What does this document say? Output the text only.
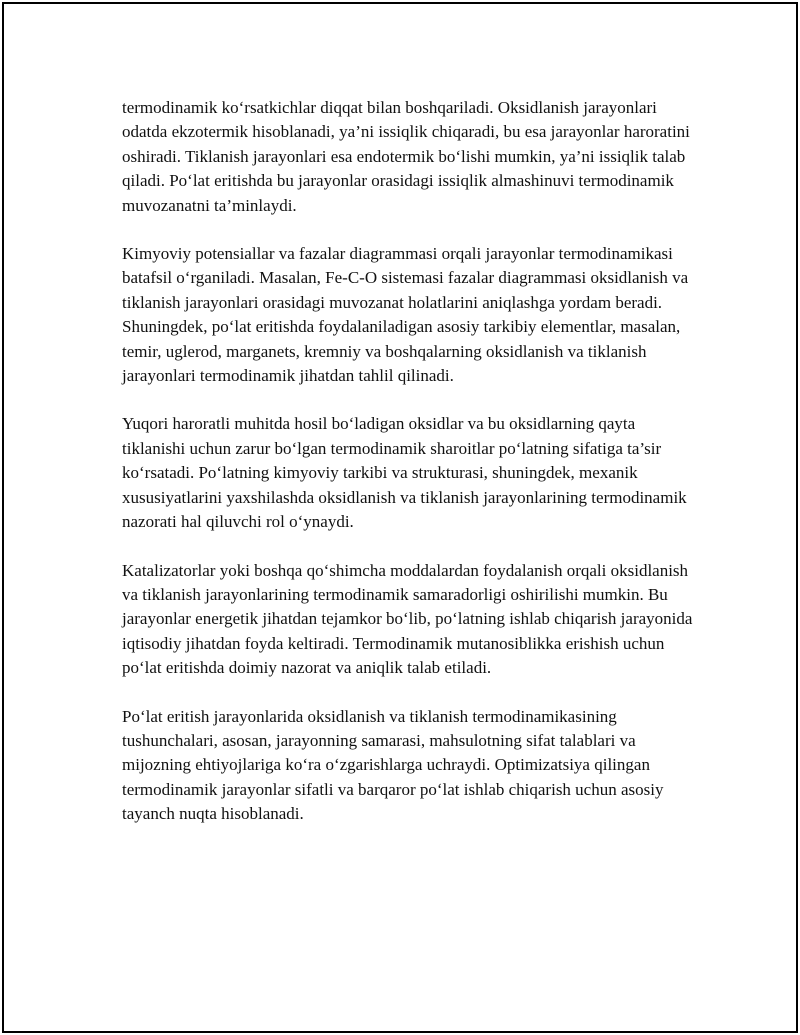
termodinamik ko‘rsatkichlar diqqat bilan boshqariladi. Oksidlanish jarayonlari odatda ekzotermik hisoblanadi, ya’ni issiqlik chiqaradi, bu esa jarayonlar haroratini oshiradi. Tiklanish jarayonlari esa endotermik bo‘lishi mumkin, ya’ni issiqlik talab qiladi. Po‘lat eritishda bu jarayonlar orasidagi issiqlik almashinuvi termodinamik muvozanatni ta’minlaydi.

Kimyoviy potensiallar va fazalar diagrammasi orqali jarayonlar termodinamikasi batafsil o‘rganiladi. Masalan, Fe-C-O sistemasi fazalar diagrammasi oksidlanish va tiklanish jarayonlari orasidagi muvozanat holatlarini aniqlashga yordam beradi. Shuningdek, po‘lat eritishda foydalaniladigan asosiy tarkibiy elementlar, masalan, temir, uglerod, marganets, kremniy va boshqalarning oksidlanish va tiklanish jarayonlari termodinamik jihatdan tahlil qilinadi.

Yuqori haroratli muhitda hosil bo‘ladigan oksidlar va bu oksidlarning qayta tiklanishi uchun zarur bo‘lgan termodinamik sharoitlar po‘latning sifatiga ta’sir ko‘rsatadi. Po‘latning kimyoviy tarkibi va strukturasi, shuningdek, mexanik xususiyatlarini yaxshilashda oksidlanish va tiklanish jarayonlarining termodinamik nazorati hal qiluvchi rol o‘ynaydi.

Katalizatorlar yoki boshqa qo‘shimcha moddalardan foydalanish orqali oksidlanish va tiklanish jarayonlarining termodinamik samaradorligi oshirilishi mumkin. Bu jarayonlar energetik jihatdan tejamkor bo‘lib, po‘latning ishlab chiqarish jarayonida iqtisodiy jihatdan foyda keltiradi. Termodinamik mutanosiblikka erishish uchun po‘lat eritishda doimiy nazorat va aniqlik talab etiladi.

Po‘lat eritish jarayonlarida oksidlanish va tiklanish termodinamikasining tushunchalari, asosan, jarayonning samarasi, mahsulotning sifat talablari va mijozning ehtiyojlariga ko‘ra o‘zgarishlarga uchraydi. Optimizatsiya qilingan termodinamik jarayonlar sifatli va barqaror po‘lat ishlab chiqarish uchun asosiy tayanch nuqta hisoblanadi.
